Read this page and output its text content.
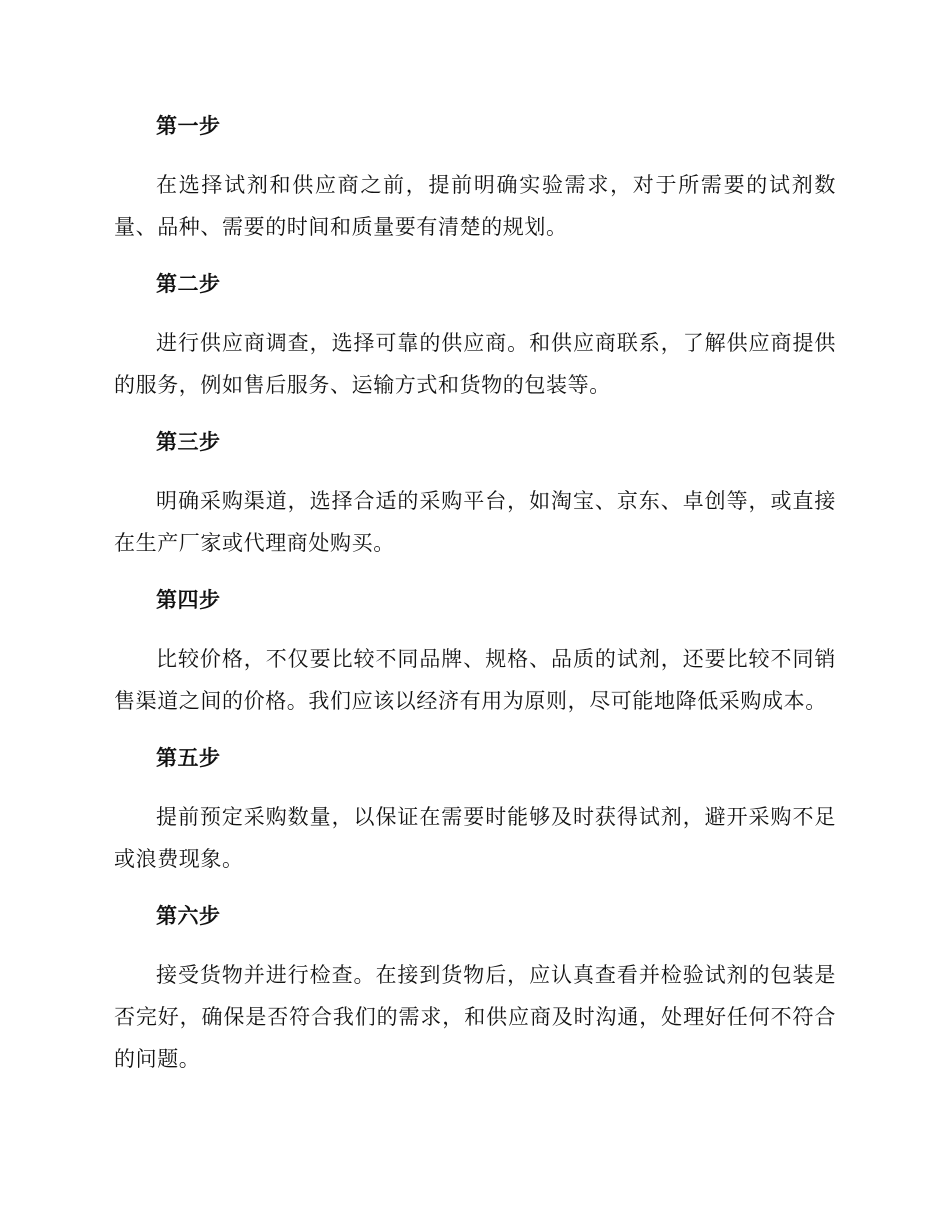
第一步

在选择试剂和供应商之前，提前明确实验需求，对于所需要的试剂数量、品种、需要的时间和质量要有清楚的规划。

第二步

进行供应商调查，选择可靠的供应商。和供应商联系，了解供应商提供的服务，例如售后服务、运输方式和货物的包装等。

第三步

明确采购渠道，选择合适的采购平台，如淘宝、京东、卓创等，或直接在生产厂家或代理商处购买。

第四步

比较价格，不仅要比较不同品牌、规格、品质的试剂，还要比较不同销售渠道之间的价格。我们应该以经济有用为原则，尽可能地降低采购成本。

第五步

提前预定采购数量，以保证在需要时能够及时获得试剂，避开采购不足或浪费现象。

第六步

接受货物并进行检查。在接到货物后，应认真查看并检验试剂的包装是否完好，确保是否符合我们的需求，和供应商及时沟通，处理好任何不符合的问题。
